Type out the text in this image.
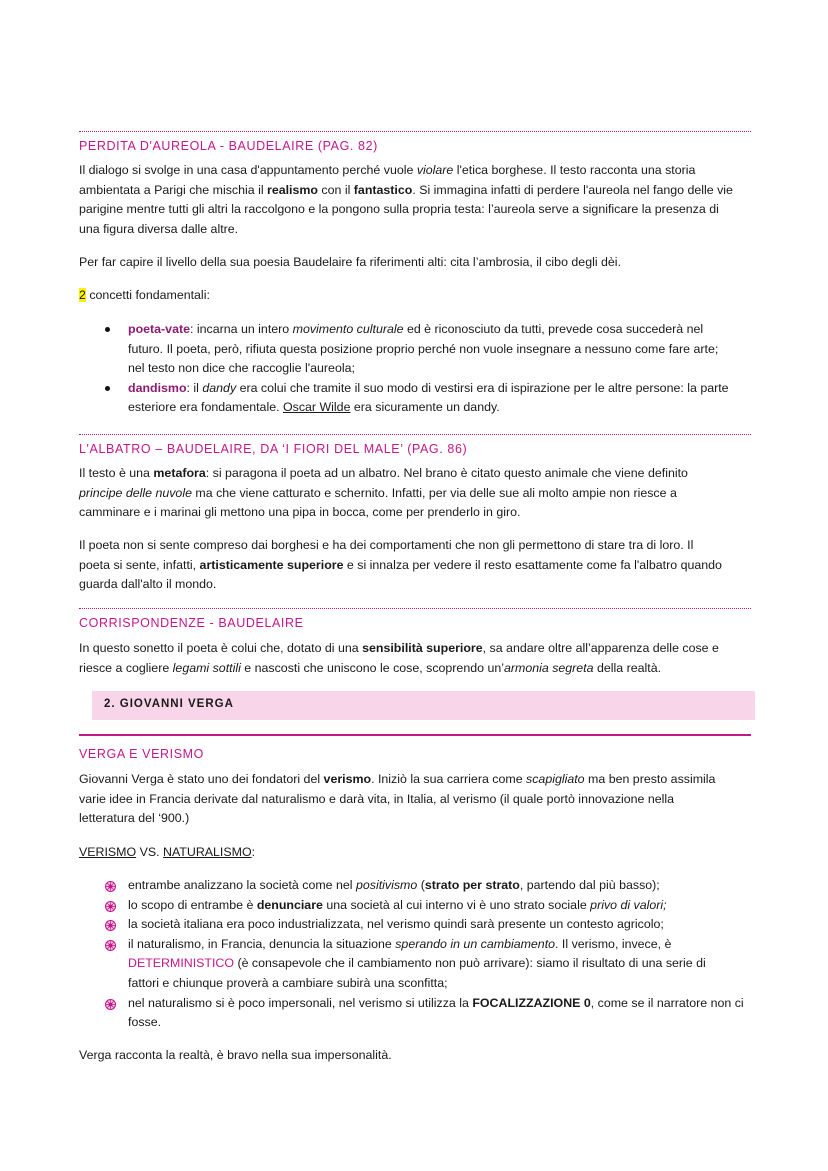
PERDITA D'AUREOLA - BAUDELAIRE (PAG. 82)
Il dialogo si svolge in una casa d'appuntamento perché vuole violare l'etica borghese. Il testo racconta una storia
ambientata a Parigi che mischia il realismo con il fantastico. Si immagina infatti di perdere l'aureola nel fango delle vie
parigine mentre tutti gli altri la raccolgono e la pongono sulla propria testa: l’aureola serve a significare la presenza di
una figura diversa dalle altre.
Per far capire il livello della sua poesia Baudelaire fa riferimenti alti: cita l’ambrosia, il cibo degli dèi.
2 concetti fondamentali:
poeta-vate: incarna un intero movimento culturale ed è riconosciuto da tutti, prevede cosa succederà nel
futuro. Il poeta, però, rifiuta questa posizione proprio perché non vuole insegnare a nessuno come fare arte;
nel testo non dice che raccoglie l'aureola;
dandismo: il dandy era colui che tramite il suo modo di vestirsi era di ispirazione per le altre persone: la parte
esteriore era fondamentale. Oscar Wilde era sicuramente un dandy.
L'ALBATRO – BAUDELAIRE, DA ‘I FIORI DEL MALE’ (PAG. 86)
Il testo è una metafora: si paragona il poeta ad un albatro. Nel brano è citato questo animale che viene definito
principe delle nuvole ma che viene catturato e schernito. Infatti, per via delle sue ali molto ampie non riesce a
camminare e i marinai gli mettono una pipa in bocca, come per prenderlo in giro.
Il poeta non si sente compreso dai borghesi e ha dei comportamenti che non gli permettono di stare tra di loro. Il
poeta si sente, infatti, artisticamente superiore e si innalza per vedere il resto esattamente come fa l'albatro quando
guarda dall'alto il mondo.
CORRISPONDENZE - BAUDELAIRE
In questo sonetto il poeta è colui che, dotato di una sensibilità superiore, sa andare oltre all’apparenza delle cose e
riesce a cogliere legami sottili e nascosti che uniscono le cose, scoprendo un’armonia segreta della realtà.
2. GIOVANNI VERGA
VERGA E VERISMO
Giovanni Verga è stato uno dei fondatori del verismo. Iniziò la sua carriera come scapigliato ma ben presto assimila
varie idee in Francia derivate dal naturalismo e darà vita, in Italia, al verismo (il quale portò innovazione nella
letteratura del ‘900.)
VERISMO VS. NATURALISMO:
entrambe analizzano la società come nel positivismo (strato per strato, partendo dal più basso);
lo scopo di entrambe è denunciare una società al cui interno vi è uno strato sociale privo di valori;
la società italiana era poco industrializzata, nel verismo quindi sarà presente un contesto agricolo;
il naturalismo, in Francia, denuncia la situazione sperando in un cambiamento. Il verismo, invece, è
DETERMINISTICO (è consapevole che il cambiamento non può arrivare): siamo il risultato di una serie di
fattori e chiunque proverà a cambiare subirà una sconfitta;
nel naturalismo si è poco impersonali, nel verismo si utilizza la FOCALIZZAZIONE 0, come se il narratore non ci
fosse.
Verga racconta la realtà, è bravo nella sua impersonalità.
